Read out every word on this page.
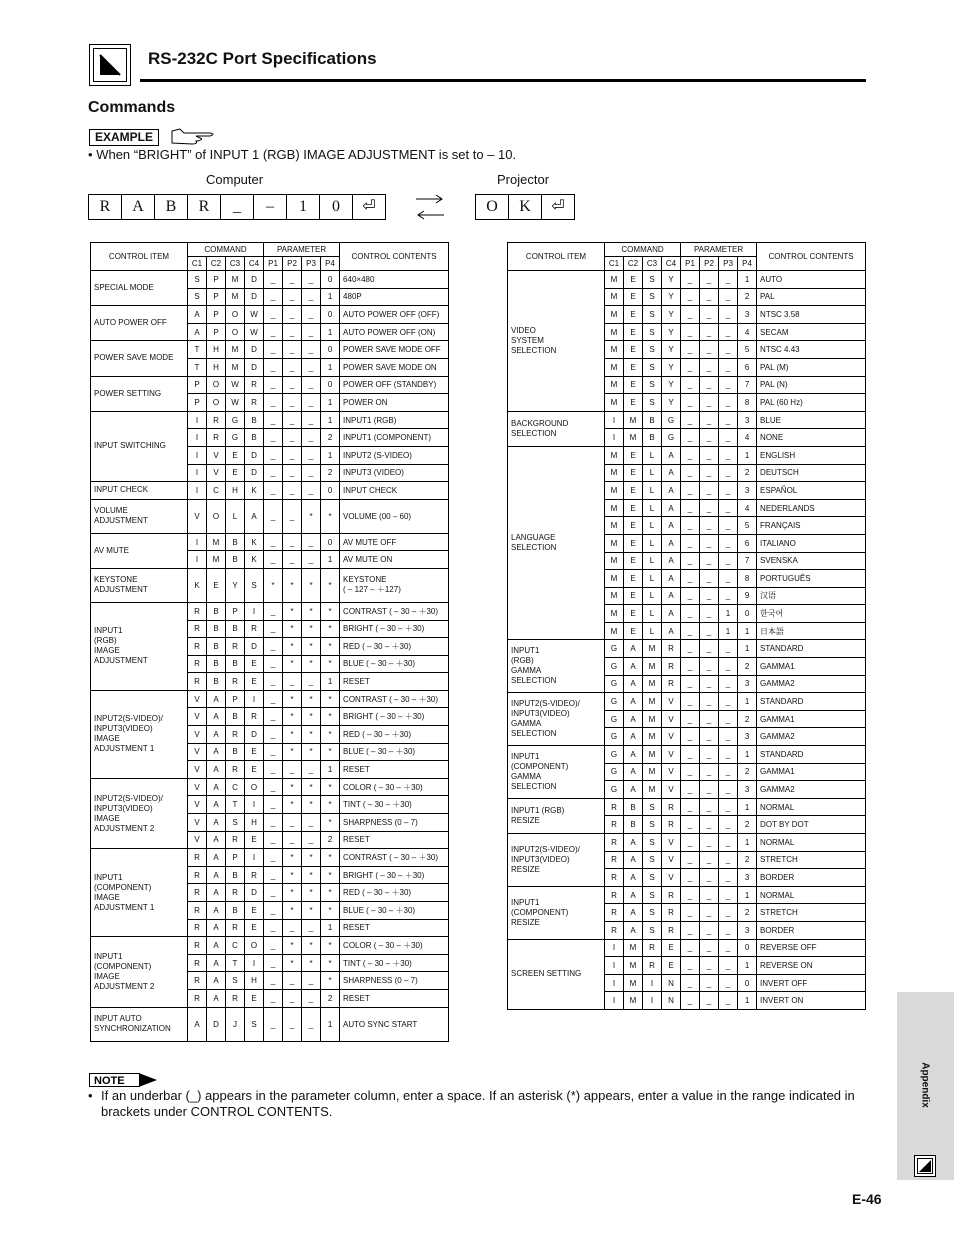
RS-232C Port Specifications
Commands
EXAMPLE
• When “BRIGHT” of INPUT 1 (RGB) IMAGE ADJUSTMENT is set to – 10.
Computer	Projector
R	A	B	R	_	–	1	0	⏎	O	K	⏎
CONTROL ITEM	COMMAND				PARAMETER				CONTROL CONTENTS
	C1	C2	C3	C4	P1	P2	P3	P4	
SPECIAL MODE	S	P	M	D	_	_	_	0	640×480
	S	P	M	D	_	_	_	1	480P
AUTO POWER OFF	A	P	O	W	_	_	_	0	AUTO POWER OFF (OFF)
	A	P	O	W	_	_	_	1	AUTO POWER OFF (ON)
POWER SAVE MODE	T	H	M	D	_	_	_	0	POWER SAVE MODE OFF
	T	H	M	D	_	_	_	1	POWER SAVE MODE ON
POWER SETTING	P	O	W	R	_	_	_	0	POWER OFF (STANDBY)
	P	O	W	R	_	_	_	1	POWER ON
INPUT SWITCHING	I	R	G	B	_	_	_	1	INPUT1 (RGB)
	I	R	G	B	_	_	_	2	INPUT1 (COMPONENT)
	I	V	E	D	_	_	_	1	INPUT2 (S-VIDEO)
	I	V	E	D	_	_	_	2	INPUT3 (VIDEO)
INPUT CHECK	I	C	H	K	_	_	_	0	INPUT CHECK
VOLUME
ADJUSTMENT	V	O	L	A	_	_	*	*	VOLUME (00 – 60)
AV MUTE	I	M	B	K	_	_	_	0	AV MUTE OFF
	I	M	B	K	_	_	_	1	AV MUTE ON
KEYSTONE
ADJUSTMENT	K	E	Y	S	*	*	*	*	KEYSTONE
( – 127 – ＋127)
INPUT1
(RGB)
IMAGE
ADJUSTMENT	R	B	P	I	_	*	*	*	CONTRAST ( – 30 – ＋30)
	R	B	B	R	_	*	*	*	BRIGHT ( – 30 – ＋30)
	R	B	R	D	_	*	*	*	RED ( – 30 – ＋30)
	R	B	B	E	_	*	*	*	BLUE ( – 30 – ＋30)
	R	B	R	E	_	_	_	1	RESET
INPUT2(S-VIDEO)/
INPUT3(VIDEO)
IMAGE
ADJUSTMENT 1	V	A	P	I	_	*	*	*	CONTRAST ( – 30 – ＋30)
	V	A	B	R	_	*	*	*	BRIGHT ( – 30 – ＋30)
	V	A	R	D	_	*	*	*	RED ( – 30 – ＋30)
	V	A	B	E	_	*	*	*	BLUE ( – 30 – ＋30)
	V	A	R	E	_	_	_	1	RESET
INPUT2(S-VIDEO)/
INPUT3(VIDEO)
IMAGE
ADJUSTMENT 2	V	A	C	O	_	*	*	*	COLOR ( – 30 – ＋30)
	V	A	T	I	_	*	*	*	TINT ( – 30 – ＋30)
	V	A	S	H	_	_	_	*	SHARPNESS (0 – 7)
	V	A	R	E	_	_	_	2	RESET
INPUT1
(COMPONENT)
IMAGE
ADJUSTMENT 1	R	A	P	I	_	*	*	*	CONTRAST ( – 30 – ＋30)
	R	A	B	R	_	*	*	*	BRIGHT ( – 30 – ＋30)
	R	A	R	D	_	*	*	*	RED ( – 30 – ＋30)
	R	A	B	E	_	*	*	*	BLUE ( – 30 – ＋30)
	R	A	R	E	_	_	_	1	RESET
INPUT1
(COMPONENT)
IMAGE
ADJUSTMENT 2	R	A	C	O	_	*	*	*	COLOR ( – 30 – ＋30)
	R	A	T	I	_	*	*	*	TINT ( – 30 – ＋30)
	R	A	S	H	_	_	_	*	SHARPNESS (0 – 7)
	R	A	R	E	_	_	_	2	RESET
INPUT AUTO
SYNCHRONIZATION	A	D	J	S	_	_	_	1	AUTO SYNC START
CONTROL ITEM	COMMAND				PARAMETER				CONTROL CONTENTS
	C1	C2	C3	C4	P1	P2	P3	P4	
VIDEO
SYSTEM
SELECTION	M	E	S	Y	_	_	_	1	AUTO
	M	E	S	Y	_	_	_	2	PAL
	M	E	S	Y	_	_	_	3	NTSC 3.58
	M	E	S	Y	_	_	_	4	SECAM
	M	E	S	Y	_	_	_	5	NTSC 4.43
	M	E	S	Y	_	_	_	6	PAL (M)
	M	E	S	Y	_	_	_	7	PAL (N)
	M	E	S	Y	_	_	_	8	PAL (60 Hz)
BACKGROUND
SELECTION	I	M	B	G	_	_	_	3	BLUE
	I	M	B	G	_	_	_	4	NONE
LANGUAGE
SELECTION	M	E	L	A	_	_	_	1	ENGLISH
	M	E	L	A	_	_	_	2	DEUTSCH
	M	E	L	A	_	_	_	3	ESPAÑOL
	M	E	L	A	_	_	_	4	NEDERLANDS
	M	E	L	A	_	_	_	5	FRANÇAIS
	M	E	L	A	_	_	_	6	ITALIANO
	M	E	L	A	_	_	_	7	SVENSKA
	M	E	L	A	_	_	_	8	PORTUGUÊS
	M	E	L	A	_	_	_	9	汉语
	M	E	L	A	_	_	1	0	한국어
	M	E	L	A	_	_	1	1	日本語
INPUT1
(RGB)
GAMMA
SELECTION	G	A	M	R	_	_	_	1	STANDARD
	G	A	M	R	_	_	_	2	GAMMA1
	G	A	M	R	_	_	_	3	GAMMA2
INPUT2(S-VIDEO)/
INPUT3(VIDEO)
GAMMA
SELECTION	G	A	M	V	_	_	_	1	STANDARD
	G	A	M	V	_	_	_	2	GAMMA1
	G	A	M	V	_	_	_	3	GAMMA2
INPUT1
(COMPONENT)
GAMMA
SELECTION	G	A	M	V	_	_	_	1	STANDARD
	G	A	M	V	_	_	_	2	GAMMA1
	G	A	M	V	_	_	_	3	GAMMA2
INPUT1 (RGB)
RESIZE	R	B	S	R	_	_	_	1	NORMAL
	R	B	S	R	_	_	_	2	DOT BY DOT
INPUT2(S-VIDEO)/
INPUT3(VIDEO)
RESIZE	R	A	S	V	_	_	_	1	NORMAL
	R	A	S	V	_	_	_	2	STRETCH
	R	A	S	V	_	_	_	3	BORDER
INPUT1
(COMPONENT)
RESIZE	R	A	S	R	_	_	_	1	NORMAL
	R	A	S	R	_	_	_	2	STRETCH
	R	A	S	R	_	_	_	3	BORDER
SCREEN SETTING	I	M	R	E	_	_	_	0	REVERSE OFF
	I	M	R	E	_	_	_	1	REVERSE ON
	I	M	I	N	_	_	_	0	INVERT OFF
	I	M	I	N	_	_	_	1	INVERT ON
NOTE
• If an underbar (_) appears in the parameter column, enter a space. If an asterisk (*) appears, enter a value in the range indicated in brackets under CONTROL CONTENTS.
Appendix
E-46
